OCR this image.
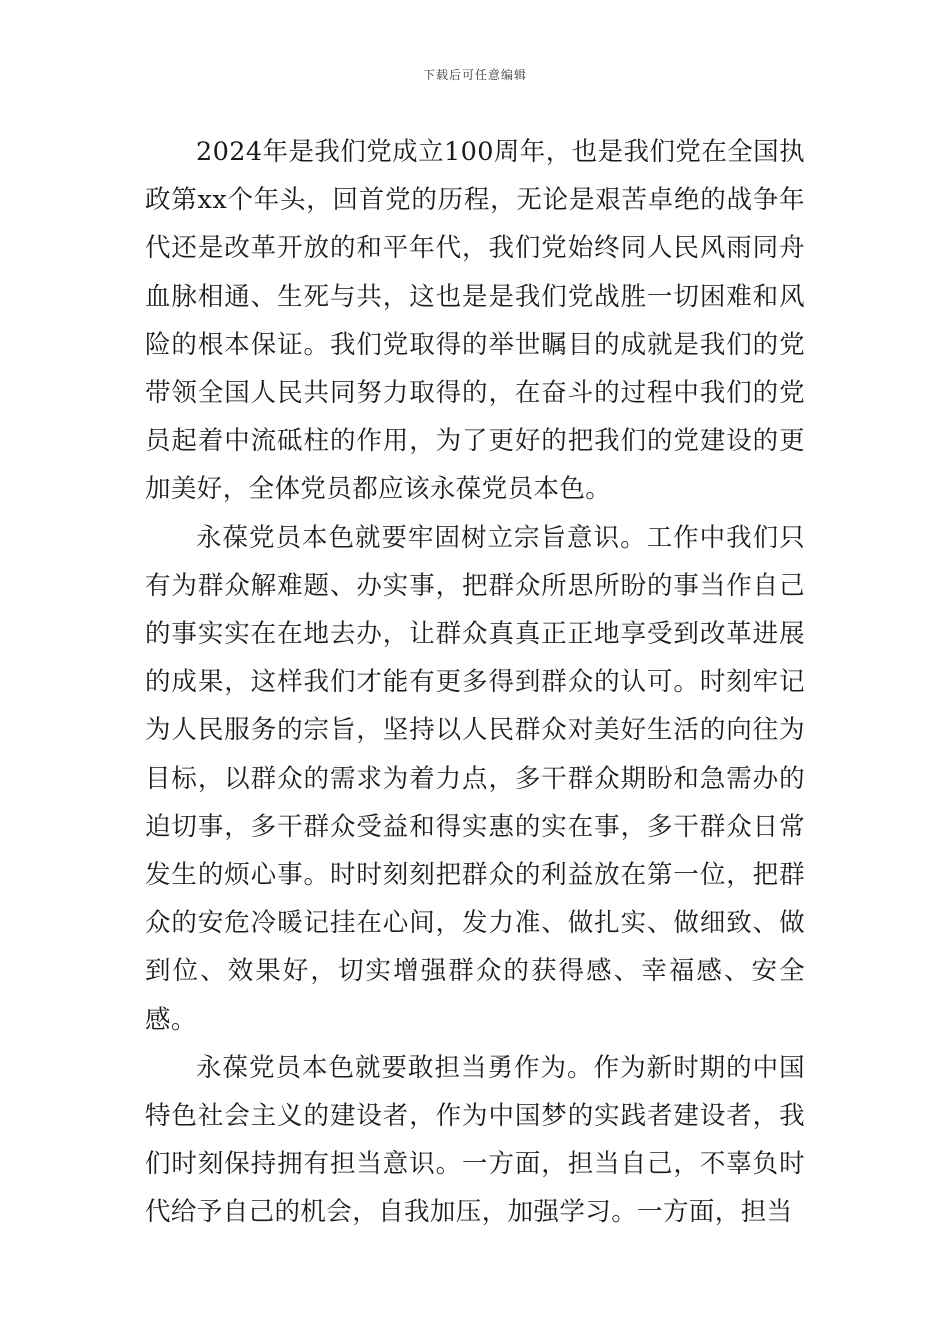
下载后可任意编辑

2024年是我们党成立100周年，也是我们党在全国执政第xx个年头，回首党的历程，无论是艰苦卓绝的战争年代还是改革开放的和平年代，我们党始终同人民风雨同舟血脉相通、生死与共，这也是是我们党战胜一切困难和风险的根本保证。我们党取得的举世瞩目的成就是我们的党带领全国人民共同努力取得的，在奋斗的过程中我们的党员起着中流砥柱的作用，为了更好的把我们的党建设的更加美好，全体党员都应该永葆党员本色。

永葆党员本色就要牢固树立宗旨意识。工作中我们只有为群众解难题、办实事，把群众所思所盼的事当作自己的事实实在在地去办，让群众真真正正地享受到改革进展的成果，这样我们才能有更多得到群众的认可。时刻牢记为人民服务的宗旨，坚持以人民群众对美好生活的向往为目标，以群众的需求为着力点，多干群众期盼和急需办的迫切事，多干群众受益和得实惠的实在事，多干群众日常发生的烦心事。时时刻刻把群众的利益放在第一位，把群众的安危冷暖记挂在心间，发力准、做扎实、做细致、做到位、效果好，切实增强群众的获得感、幸福感、安全感。

永葆党员本色就要敢担当勇作为。作为新时期的中国特色社会主义的建设者，作为中国梦的实践者建设者，我们时刻保持拥有担当意识。一方面，担当自己，不辜负时代给予自己的机会，自我加压，加强学习。一方面，担当
